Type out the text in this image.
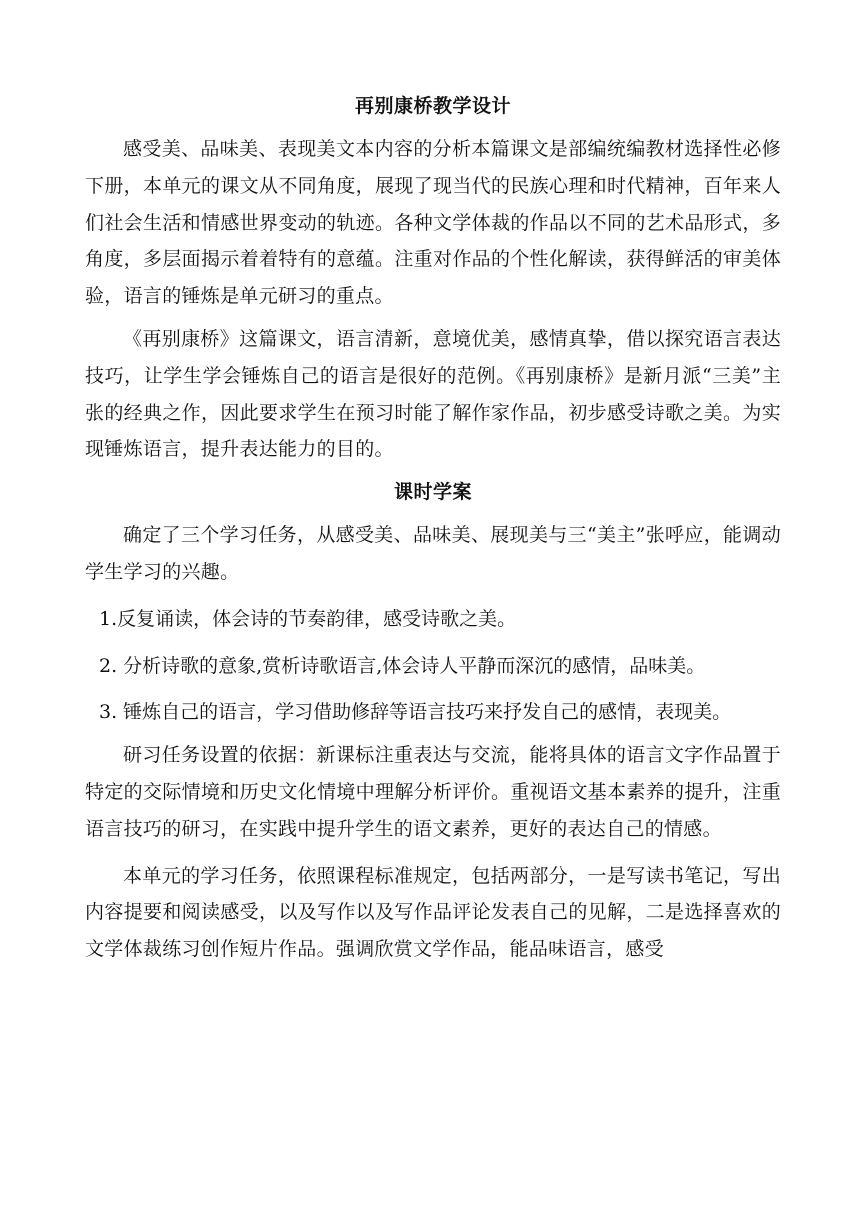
再别康桥教学设计

感受美、品味美、表现美文本内容的分析本篇课文是部编统编教材选择性必修下册，本单元的课文从不同角度，展现了现当代的民族心理和时代精神，百年来人们社会生活和情感世界变动的轨迹。各种文学体裁的作品以不同的艺术品形式，多角度，多层面揭示着着特有的意蕴。注重对作品的个性化解读，获得鲜活的审美体验，语言的锤炼是单元研习的重点。

《再别康桥》这篇课文，语言清新，意境优美，感情真挚，借以探究语言表达技巧，让学生学会锤炼自己的语言是很好的范例。《再别康桥》是新月派“三美”主张的经典之作，因此要求学生在预习时能了解作家作品，初步感受诗歌之美。为实现锤炼语言，提升表达能力的目的。

课时学案

确定了三个学习任务，从感受美、品味美、展现美与三“美主”张呼应，能调动学生学习的兴趣。

1.反复诵读，体会诗的节奏韵律，感受诗歌之美。

2. 分析诗歌的意象,赏析诗歌语言,体会诗人平静而深沉的感情，品味美。

3. 锤炼自己的语言，学习借助修辞等语言技巧来抒发自己的感情，表现美。

研习任务设置的依据：新课标注重表达与交流，能将具体的语言文字作品置于特定的交际情境和历史文化情境中理解分析评价。重视语文基本素养的提升，注重语言技巧的研习，在实践中提升学生的语文素养，更好的表达自己的情感。

本单元的学习任务，依照课程标准规定，包括两部分，一是写读书笔记，写出内容提要和阅读感受，以及写作以及写作品评论发表自己的见解，二是选择喜欢的文学体裁练习创作短片作品。强调欣赏文学作品，能品味语言，感受
